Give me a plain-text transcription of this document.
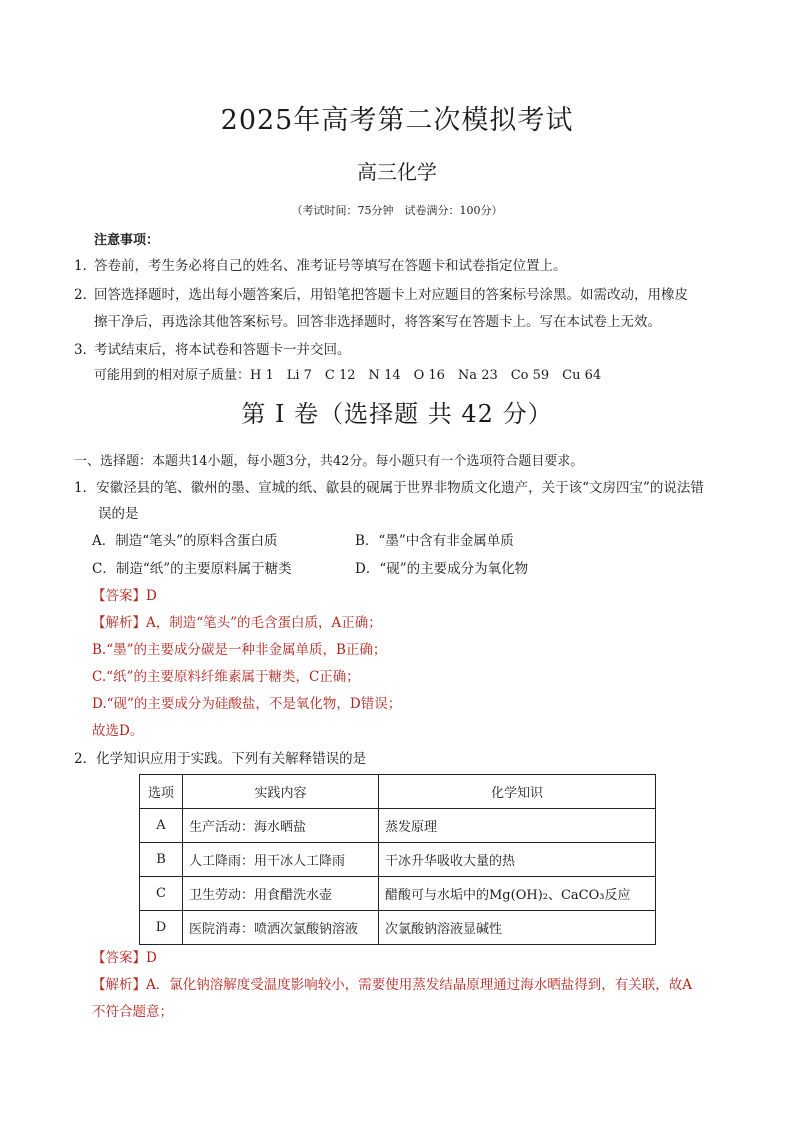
2025年高考第二次模拟考试
高三化学
（考试时间：75分钟　试卷满分：100分）
注意事项：
1．答卷前，考生务必将自己的姓名、准考证号等填写在答题卡和试卷指定位置上。
2．回答选择题时，选出每小题答案后，用铅笔把答题卡上对应题目的答案标号涂黑。如需改动，用橡皮
擦干净后，再选涂其他答案标号。回答非选择题时，将答案写在答题卡上。写在本试卷上无效。
3．考试结束后，将本试卷和答题卡一并交回。
可能用到的相对原子质量：H 1　Li 7　C 12　N 14　O 16　Na 23　Co 59　Cu 64
第 I 卷（选择题 共 42 分）
一、选择题：本题共14小题，每小题3分，共42分。每小题只有一个选项符合题目要求。
1．安徽泾县的笔、徽州的墨、宣城的纸、歙县的砚属于世界非物质文化遗产，关于该“文房四宝”的说法错
误的是
A．制造“笔头”的原料含蛋白质	B．“墨”中含有非金属单质
C．制造“纸”的主要原料属于糖类	D．“砚”的主要成分为氧化物
【答案】D
【解析】A，制造“笔头”的毛含蛋白质，A正确；
B.“墨”的主要成分碳是一种非金属单质，B正确；
C.“纸”的主要原料纤维素属于糖类，C正确；
D.“砚”的主要成分为硅酸盐，不是氧化物，D错误；
故选D。
2．化学知识应用于实践。下列有关解释错误的是
选项	实践内容	化学知识
A	生产活动：海水晒盐	蒸发原理
B	人工降雨：用干冰人工降雨	干冰升华吸收大量的热
C	卫生劳动：用食醋洗水壶	醋酸可与水垢中的Mg(OH)₂、CaCO₃反应
D	医院消毒：喷洒次氯酸钠溶液	次氯酸钠溶液显碱性
【答案】D
【解析】A．氯化钠溶解度受温度影响较小，需要使用蒸发结晶原理通过海水晒盐得到，有关联，故A
不符合题意；
